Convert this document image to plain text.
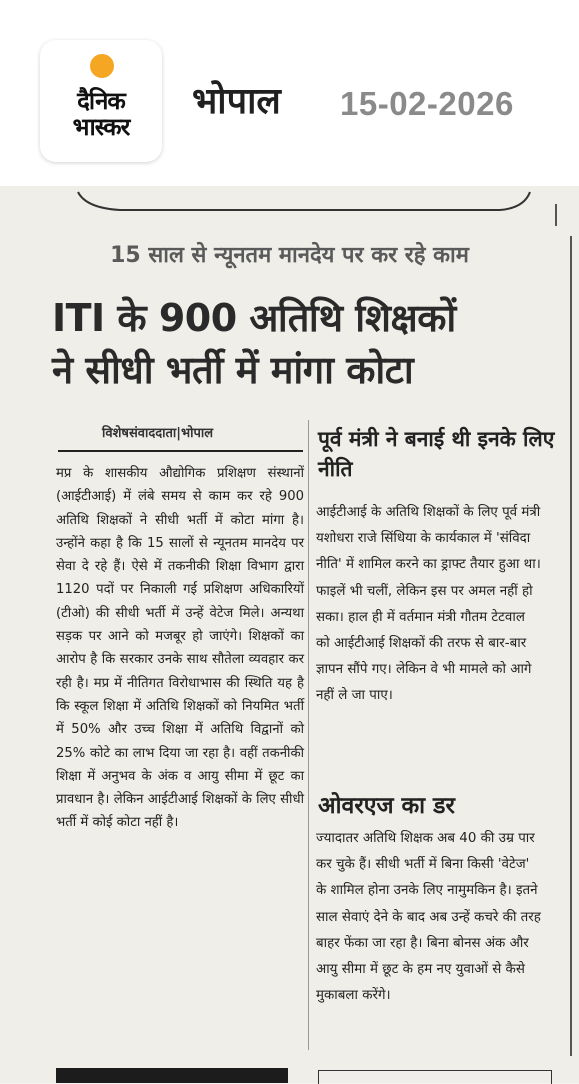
दैनिक
भास्कर
भोपाल 15-02-2026
15 साल से न्यूनतम मानदेय पर कर रहे काम
ITI के 900 अतिथि शिक्षकों
ने सीधी भर्ती में मांगा कोटा
विशेषसंवाददाता|भोपाल
मप्र के शासकीय औद्योगिक प्रशिक्षण संस्थानों (आईटीआई) में लंबे समय से काम कर रहे 900 अतिथि शिक्षकों ने सीधी भर्ती में कोटा मांगा है। उन्होंने कहा है कि 15 सालों से न्यूनतम मानदेय पर सेवा दे रहे हैं। ऐसे में तकनीकी शिक्षा विभाग द्वारा 1120 पदों पर निकाली गई प्रशिक्षण अधिकारियों (टीओ) की सीधी भर्ती में उन्हें वेटेज मिले। अन्यथा सड़क पर आने को मजबूर हो जाएंगे। शिक्षकों का आरोप है कि सरकार उनके साथ सौतेला व्यवहार कर रही है। मप्र में नीतिगत विरोधाभास की स्थिति यह है कि स्कूल शिक्षा में अतिथि शिक्षकों को नियमित भर्ती में 50% और उच्च शिक्षा में अतिथि विद्वानों को 25% कोटे का लाभ दिया जा रहा है। वहीं तकनीकी शिक्षा में अनुभव के अंक व आयु सीमा में छूट का प्रावधान है। लेकिन आईटीआई शिक्षकों के लिए सीधी भर्ती में कोई कोटा नहीं है।
पूर्व मंत्री ने बनाई थी इनके लिए नीति
आईटीआई के अतिथि शिक्षकों के लिए पूर्व मंत्री यशोधरा राजे सिंधिया के कार्यकाल में 'संविदा नीति' में शामिल करने का ड्राफ्ट तैयार हुआ था। फाइलें भी चलीं, लेकिन इस पर अमल नहीं हो सका। हाल ही में वर्तमान मंत्री गौतम टेटवाल को आईटीआई शिक्षकों की तरफ से बार-बार ज्ञापन सौंपे गए। लेकिन वे भी मामले को आगे नहीं ले जा पाए।
ओवरएज का डर
ज्यादातर अतिथि शिक्षक अब 40 की उम्र पार कर चुके हैं। सीधी भर्ती में बिना किसी 'वेटेज' के शामिल होना उनके लिए नामुमकिन है। इतने साल सेवाएं देने के बाद अब उन्हें कचरे की तरह बाहर फेंका जा रहा है। बिना बोनस अंक और आयु सीमा में छूट के हम नए युवाओं से कैसे मुकाबला करेंगे।
